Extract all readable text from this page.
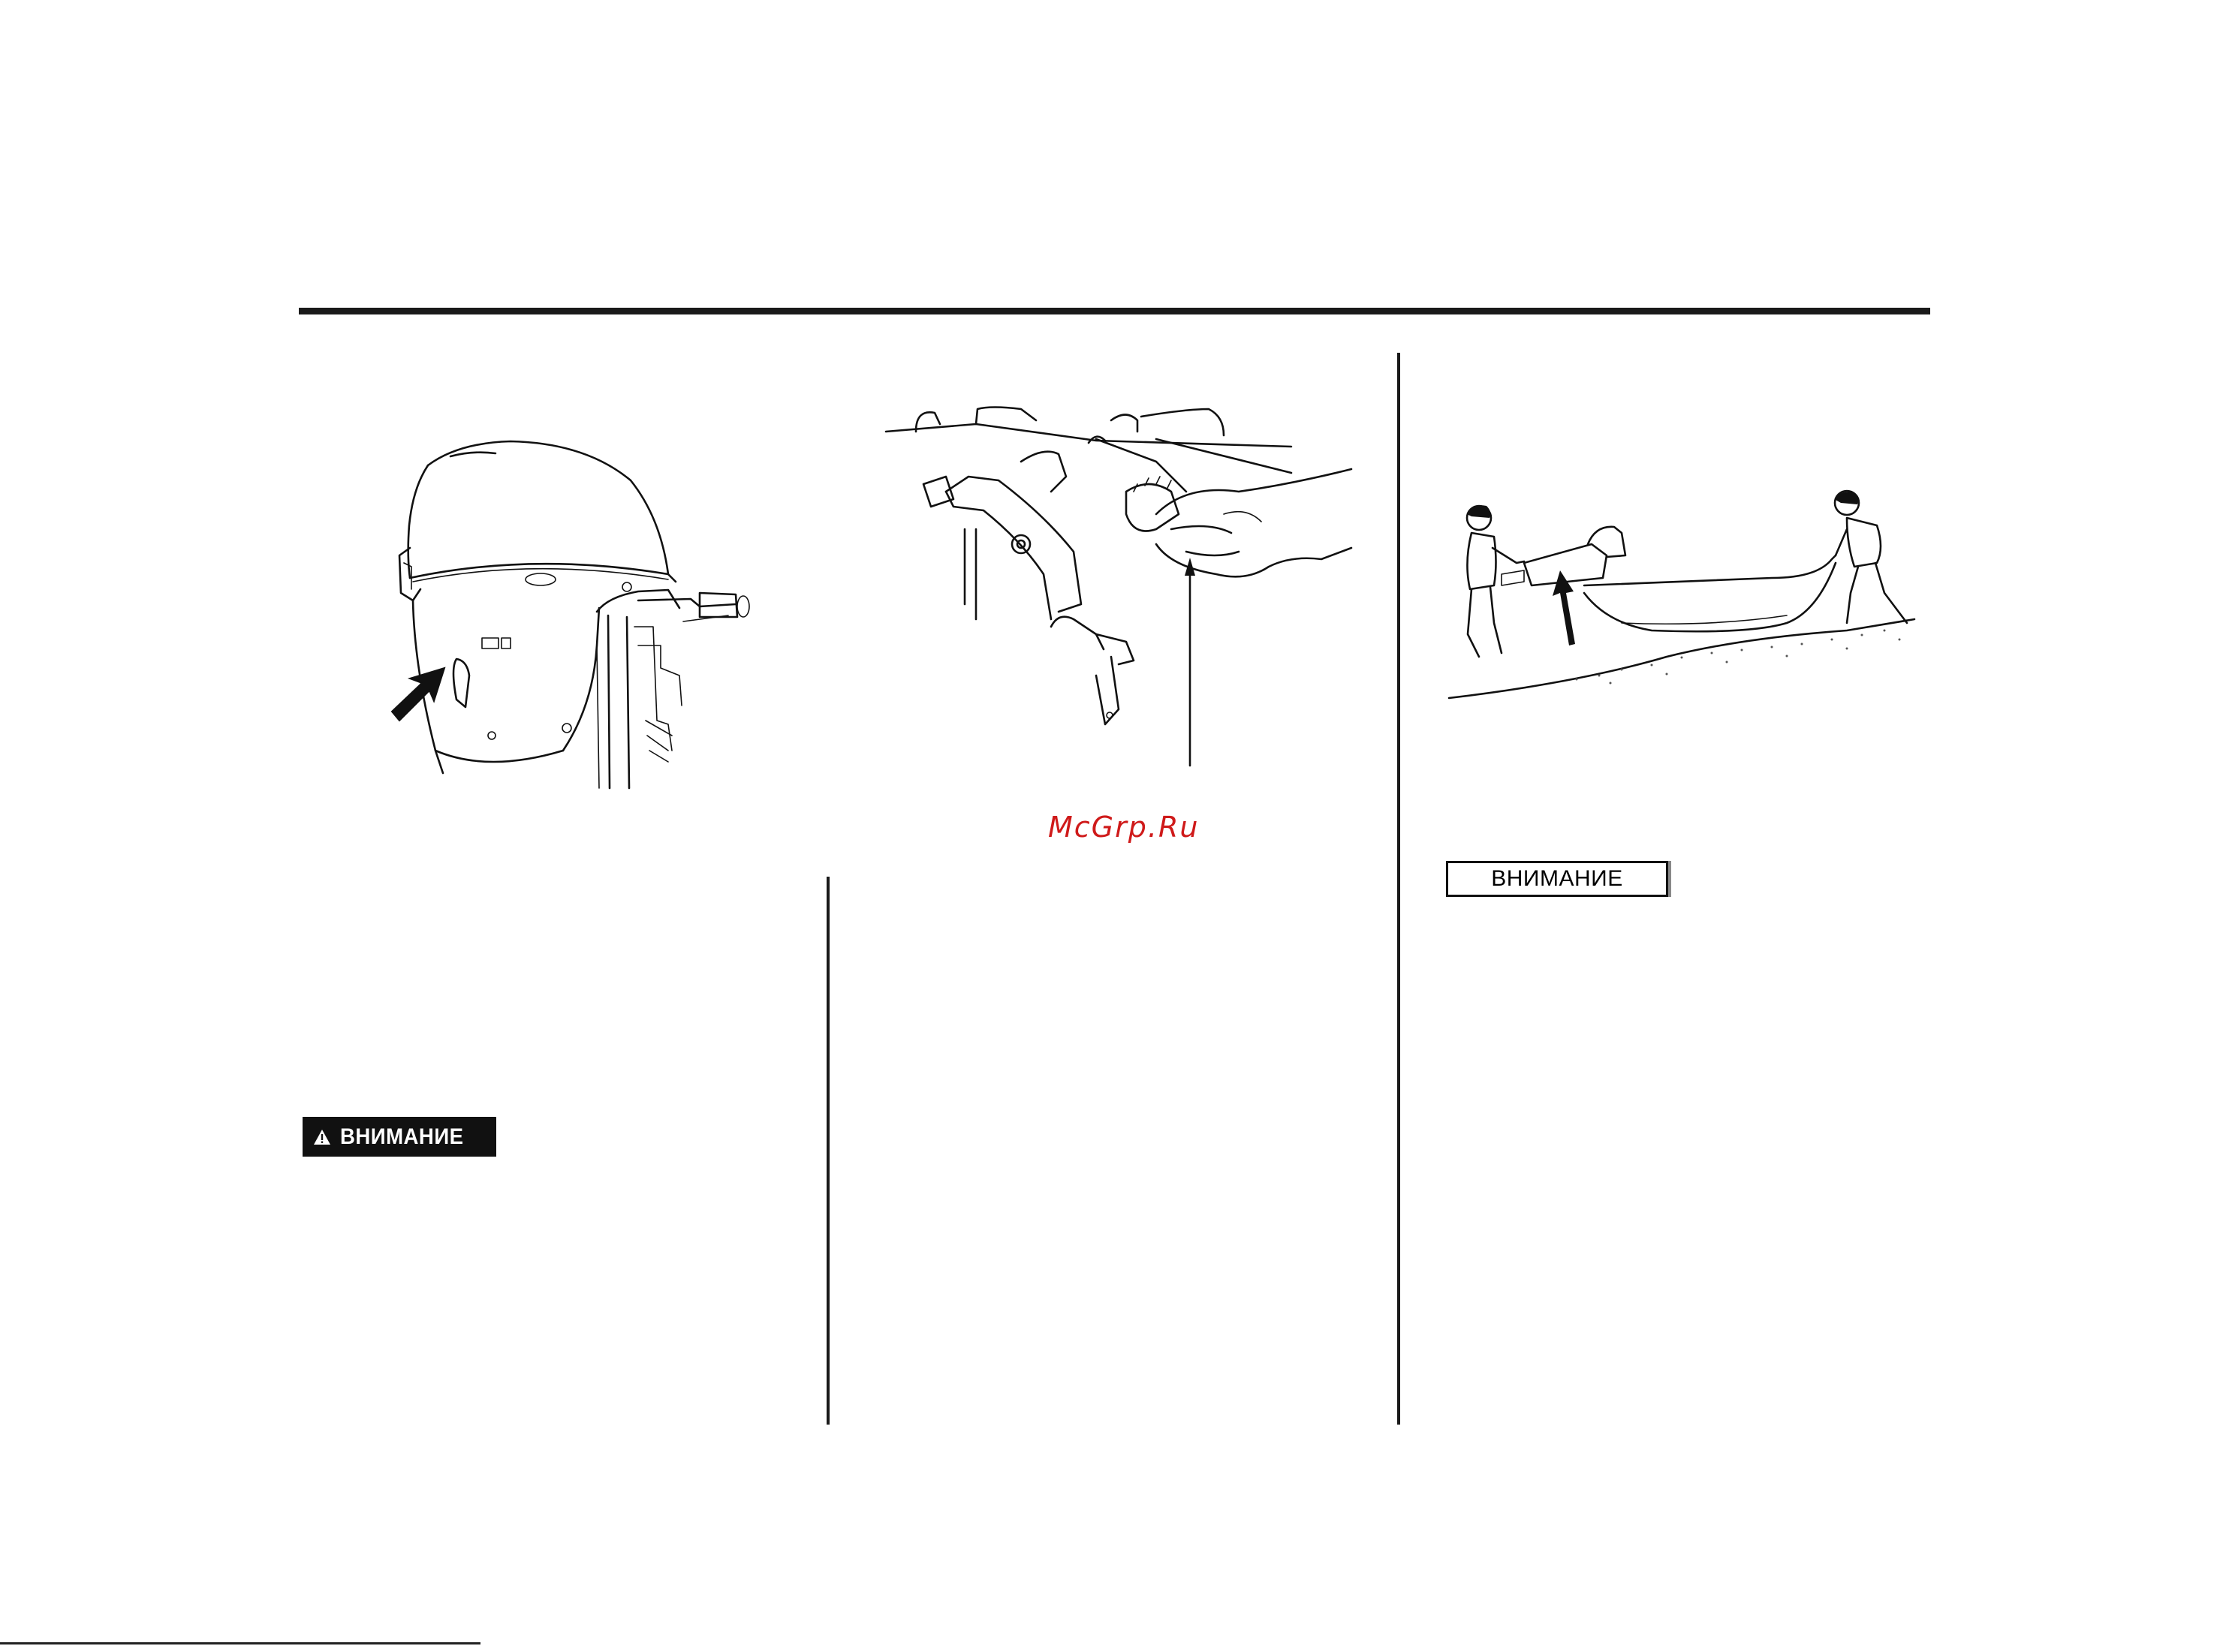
McGrp.Ru
ВНИМАНИЕ
ВНИМАНИЕ
